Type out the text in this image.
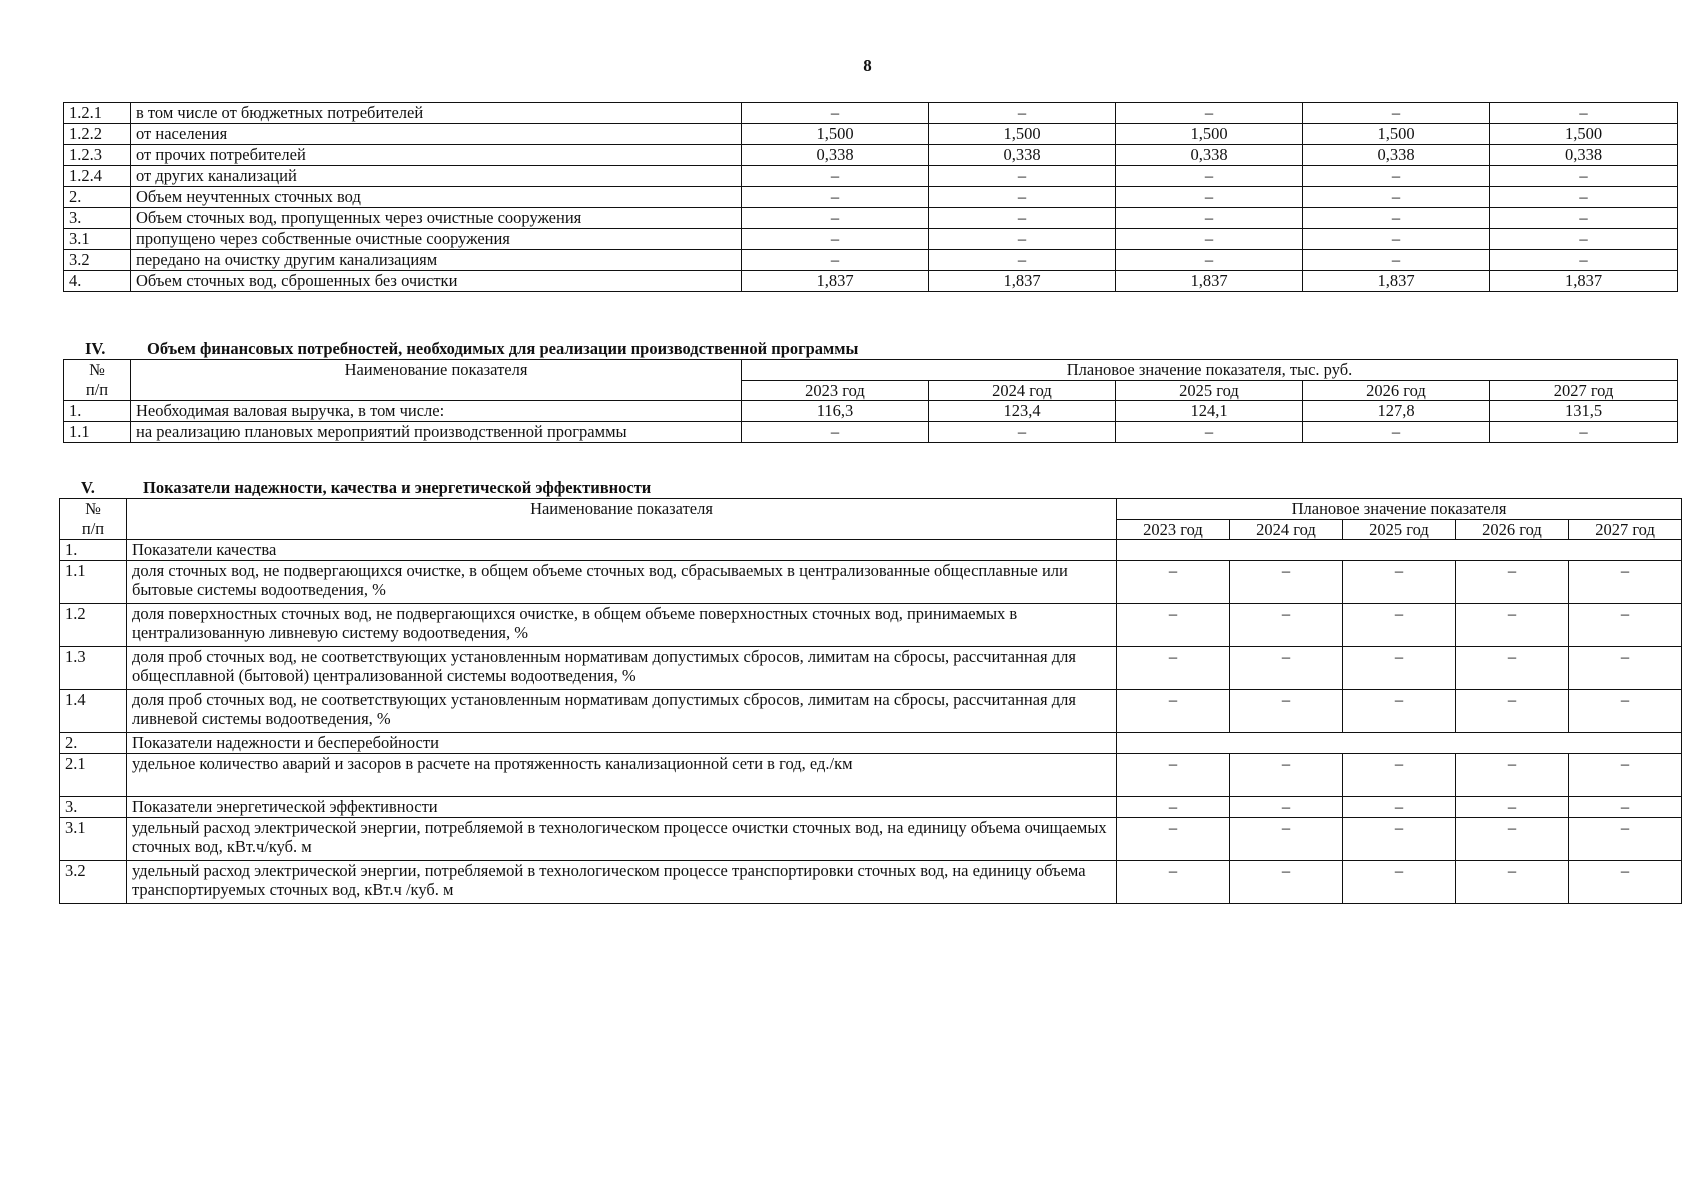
8
1.2.1	в том числе от бюджетных потребителей	–	–	–	–	–
1.2.2	от населения	1,500	1,500	1,500	1,500	1,500
1.2.3	от прочих потребителей	0,338	0,338	0,338	0,338	0,338
1.2.4	от других канализаций	–	–	–	–	–
2.	Объем неучтенных сточных вод	–	–	–	–	–
3.	Объем сточных вод, пропущенных через очистные сооружения	–	–	–	–	–
3.1	пропущено через собственные очистные сооружения	–	–	–	–	–
3.2	передано на очистку другим канализациям	–	–	–	–	–
4.	Объем сточных вод, сброшенных без очистки	1,837	1,837	1,837	1,837	1,837
IV.	Объем финансовых потребностей, необходимых для реализации производственной программы
№	Наименование показателя	Плановое значение показателя, тыс. руб.				
п/п		2023 год	2024 год	2025 год	2026 год	2027 год
1.	Необходимая валовая выручка, в том числе:	116,3	123,4	124,1	127,8	131,5
1.1	на реализацию плановых мероприятий производственной программы	–	–	–	–	–
V.	Показатели надежности, качества и энергетической эффективности
№	Наименование показателя	Плановое значение показателя				
п/п		2023 год	2024 год	2025 год	2026 год	2027 год
1.	Показатели качества					
1.1	доля сточных вод, не подвергающихся очистке, в общем объеме сточных вод, сбрасываемых в централизованные общесплавные или бытовые системы водоотведения, %	–	–	–	–	–
1.2	доля поверхностных сточных вод, не подвергающихся очистке, в общем объеме поверхностных сточных вод, принимаемых в централизованную ливневую систему водоотведения, %	–	–	–	–	–
1.3	доля проб сточных вод, не соответствующих установленным нормативам допустимых сбросов, лимитам на сбросы, рассчитанная для общесплавной (бытовой) централизованной системы водоотведения, %	–	–	–	–	–
1.4	доля проб сточных вод, не соответствующих установленным нормативам допустимых сбросов, лимитам на сбросы, рассчитанная для ливневой системы водоотведения, %	–	–	–	–	–
2.	Показатели надежности и бесперебойности					
2.1	удельное количество аварий и засоров в расчете на протяженность канализационной сети в год, ед./км	–	–	–	–	–
3.	Показатели энергетической эффективности	–	–	–	–	–
3.1	удельный расход электрической энергии, потребляемой в технологическом процессе очистки сточных вод, на единицу объема очищаемых сточных вод, кВт.ч/куб. м	–	–	–	–	–
3.2	удельный расход электрической энергии, потребляемой в технологическом процессе транспортировки сточных вод, на единицу объема транспортируемых сточных вод, кВт.ч /куб. м	–	–	–	–	–
